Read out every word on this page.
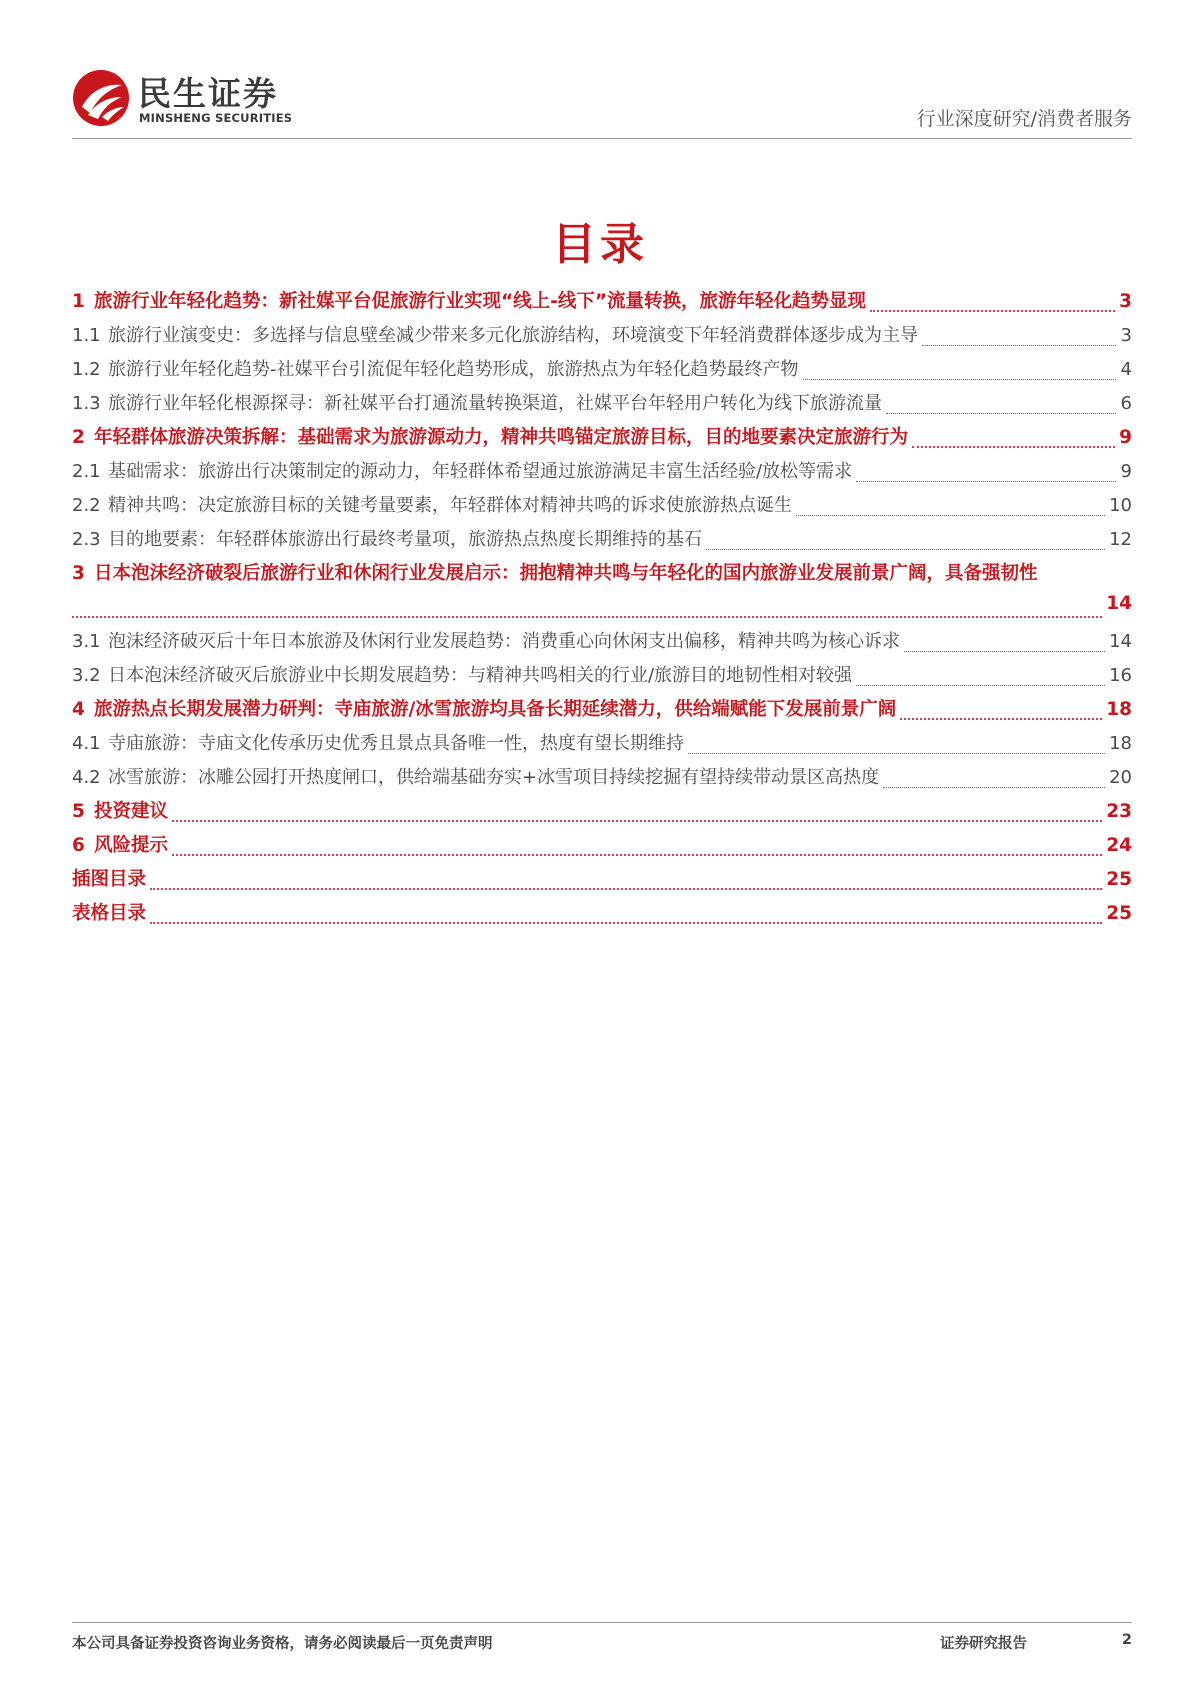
民生证券
MINSHENG SECURITIES	行业深度研究/消费者服务
目录
1 旅游行业年轻化趋势：新社媒平台促旅游行业实现“线上-线下”流量转换，旅游年轻化趋势显现	3
1.1 旅游行业演变史：多选择与信息壁垒减少带来多元化旅游结构，环境演变下年轻消费群体逐步成为主导	3
1.2 旅游行业年轻化趋势-社媒平台引流促年轻化趋势形成，旅游热点为年轻化趋势最终产物	4
1.3 旅游行业年轻化根源探寻：新社媒平台打通流量转换渠道，社媒平台年轻用户转化为线下旅游流量	6
2 年轻群体旅游决策拆解：基础需求为旅游源动力，精神共鸣锚定旅游目标，目的地要素决定旅游行为	9
2.1 基础需求：旅游出行决策制定的源动力，年轻群体希望通过旅游满足丰富生活经验/放松等需求	9
2.2 精神共鸣：决定旅游目标的关键考量要素，年轻群体对精神共鸣的诉求使旅游热点诞生	10
2.3 目的地要素：年轻群体旅游出行最终考量项，旅游热点热度长期维持的基石	12
3 日本泡沫经济破裂后旅游行业和休闲行业发展启示：拥抱精神共鸣与年轻化的国内旅游业发展前景广阔，具备强韧性
14
3.1 泡沫经济破灭后十年日本旅游及休闲行业发展趋势：消费重心向休闲支出偏移，精神共鸣为核心诉求	14
3.2 日本泡沫经济破灭后旅游业中长期发展趋势：与精神共鸣相关的行业/旅游目的地韧性相对较强	16
4 旅游热点长期发展潜力研判：寺庙旅游/冰雪旅游均具备长期延续潜力，供给端赋能下发展前景广阔	18
4.1 寺庙旅游：寺庙文化传承历史优秀且景点具备唯一性，热度有望长期维持	18
4.2 冰雪旅游：冰雕公园打开热度闸口，供给端基础夯实+冰雪项目持续挖掘有望持续带动景区高热度	20
5 投资建议	23
6 风险提示	24
插图目录	25
表格目录	25
本公司具备证券投资咨询业务资格，请务必阅读最后一页免责声明	证券研究报告	2
